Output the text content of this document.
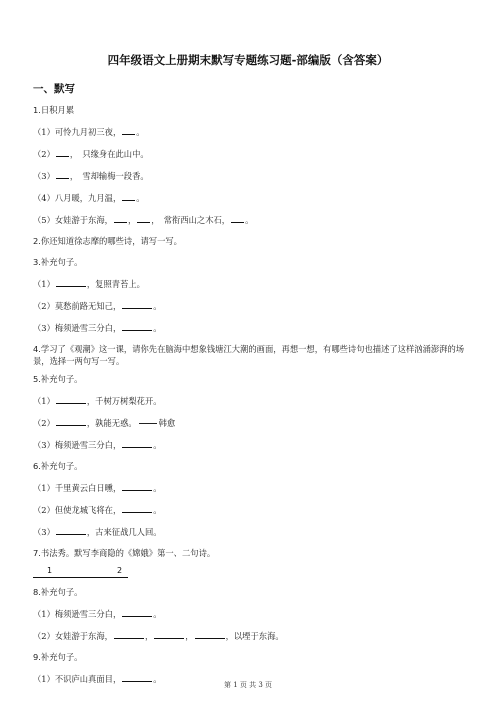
四年级语文上册期末默写专题练习题-部编版（含答案）
一、默写
1.日积月累
（1）可怜九月初三夜， 。
（2） ，　只缘身在此山中。
（3） ，　雪却输梅一段香。
（4）八月暖，九月温， 。
（5）女娃游于东海， ， ，　常衔西山之木石， 。
2.你还知道徐志摩的哪些诗，请写一写。
3.补充句子。
（1）	，复照青苔上。
（2）莫愁前路无知己，	。
（3）梅须逊雪三分白，	。
4.学习了《观潮》这一课，请你先在脑海中想象钱塘江大潮的画面，再想一想，有哪些诗句也描述了这样汹涌澎湃的场景，选择一两句写一写。
5.补充句子。
（1）	，千树万树梨花开。
（2）	，孰能无惑。	韩愈
（3）梅须逊雪三分白，	。
6.补充句子。
（1）千里黄云白日曛，	。
（2）但使龙城飞将在，	。
（3）	，古来征战几人回。
7.书法秀。默写李商隐的《嫦娥》第一、二句诗。
1	2
8.补充句子。
（1）梅须逊雪三分白，	。
（2）女娃游于东海，	，	，	，以堙于东海。
9.补充句子。
（1）不识庐山真面目，	。
第 1 页 共 3 页
